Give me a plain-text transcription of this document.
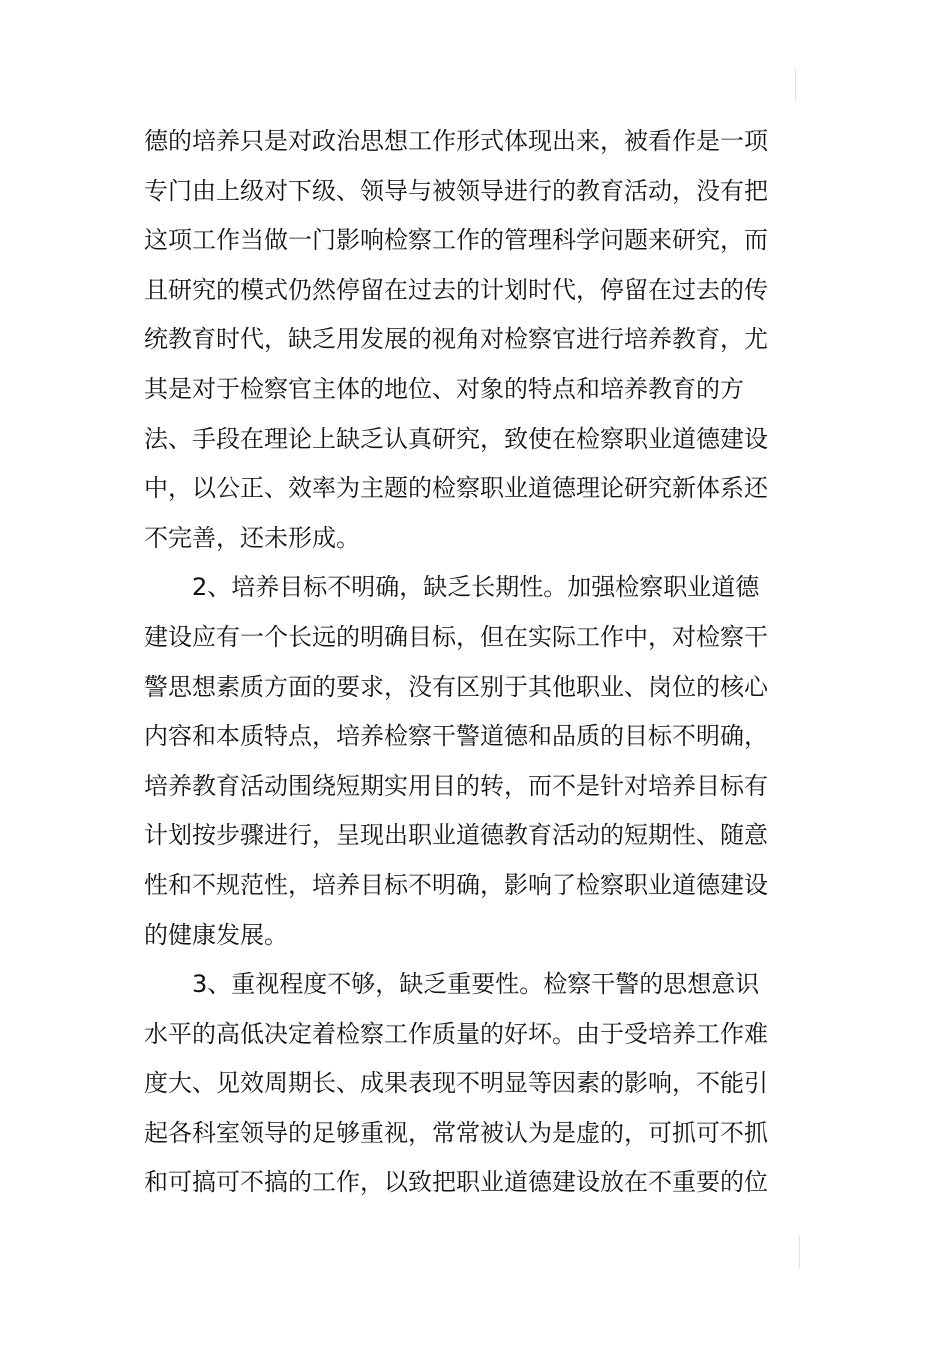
德的培养只是对政治思想工作形式体现出来，被看作是一项
专门由上级对下级、领导与被领导进行的教育活动，没有把
这项工作当做一门影响检察工作的管理科学问题来研究，而
且研究的模式仍然停留在过去的计划时代，停留在过去的传
统教育时代，缺乏用发展的视角对检察官进行培养教育，尤
其是对于检察官主体的地位、对象的特点和培养教育的方
法、手段在理论上缺乏认真研究，致使在检察职业道德建设
中，以公正、效率为主题的检察职业道德理论研究新体系还
不完善，还未形成。
2、培养目标不明确，缺乏长期性。加强检察职业道德
建设应有一个长远的明确目标，但在实际工作中，对检察干
警思想素质方面的要求，没有区别于其他职业、岗位的核心
内容和本质特点，培养检察干警道德和品质的目标不明确，
培养教育活动围绕短期实用目的转，而不是针对培养目标有
计划按步骤进行，呈现出职业道德教育活动的短期性、随意
性和不规范性，培养目标不明确，影响了检察职业道德建设
的健康发展。
3、重视程度不够，缺乏重要性。检察干警的思想意识
水平的高低决定着检察工作质量的好坏。由于受培养工作难
度大、见效周期长、成果表现不明显等因素的影响，不能引
起各科室领导的足够重视，常常被认为是虚的，可抓可不抓
和可搞可不搞的工作，以致把职业道德建设放在不重要的位
